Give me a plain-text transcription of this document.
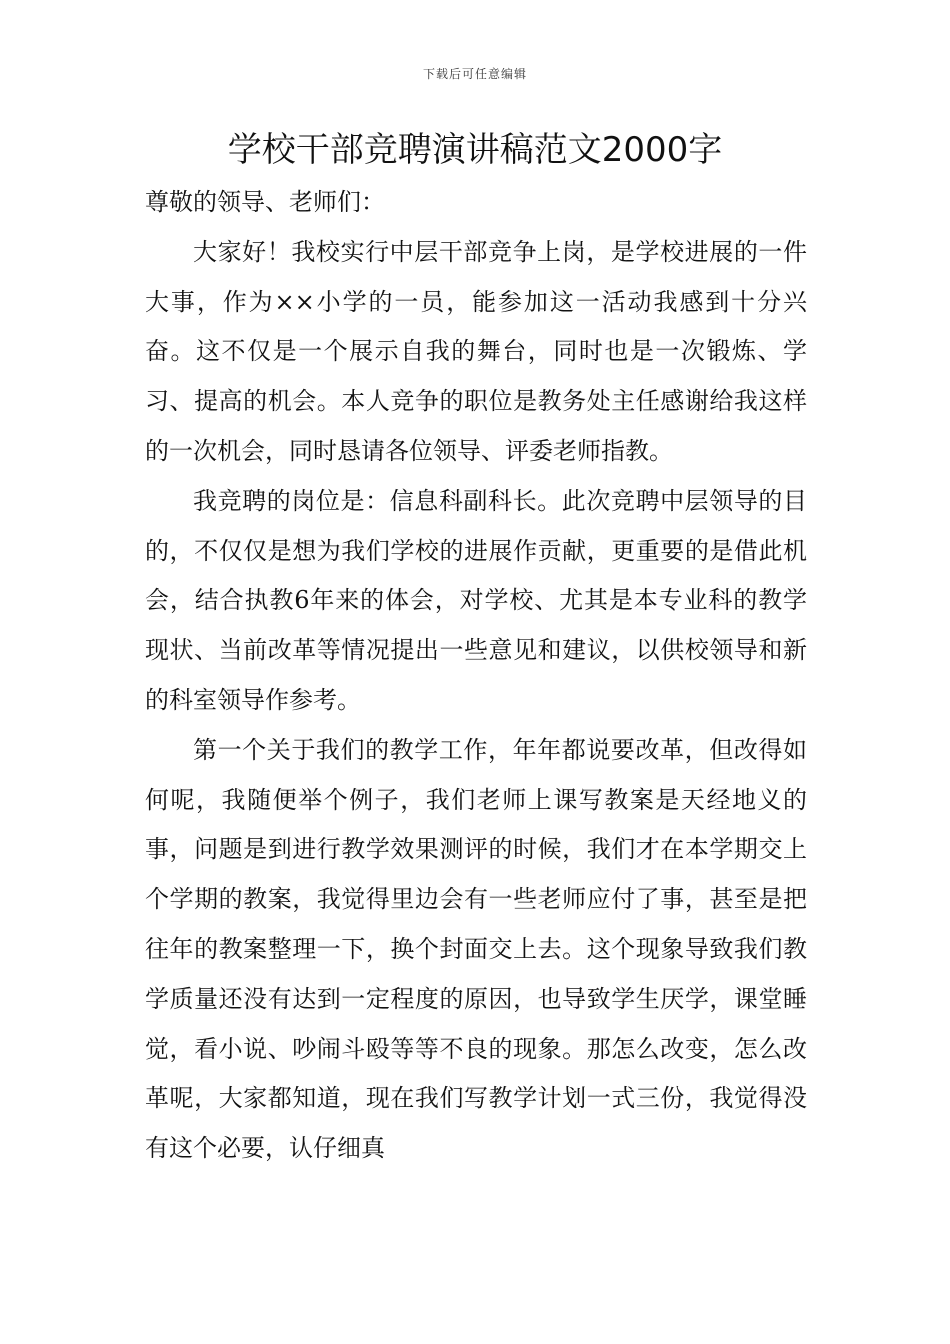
下载后可任意编辑
学校干部竞聘演讲稿范文2000字

尊敬的领导、老师们：

大家好！我校实行中层干部竞争上岗，是学校进展的一件大事，作为××小学的一员，能参加这一活动我感到十分兴奋。这不仅是一个展示自我的舞台，同时也是一次锻炼、学习、提高的机会。本人竞争的职位是教务处主任感谢给我这样的一次机会，同时恳请各位领导、评委老师指教。

我竞聘的岗位是：信息科副科长。此次竞聘中层领导的目的，不仅仅是想为我们学校的进展作贡献，更重要的是借此机会，结合执教6年来的体会，对学校、尤其是本专业科的教学现状、当前改革等情况提出一些意见和建议，以供校领导和新的科室领导作参考。

第一个关于我们的教学工作，年年都说要改革，但改得如何呢，我随便举个例子，我们老师上课写教案是天经地义的事，问题是到进行教学效果测评的时候，我们才在本学期交上个学期的教案，我觉得里边会有一些老师应付了事，甚至是把往年的教案整理一下，换个封面交上去。这个现象导致我们教学质量还没有达到一定程度的原因，也导致学生厌学，课堂睡觉，看小说、吵闹斗殴等等不良的现象。那怎么改变，怎么改革呢，大家都知道，现在我们写教学计划一式三份，我觉得没有这个必要，认仔细真
